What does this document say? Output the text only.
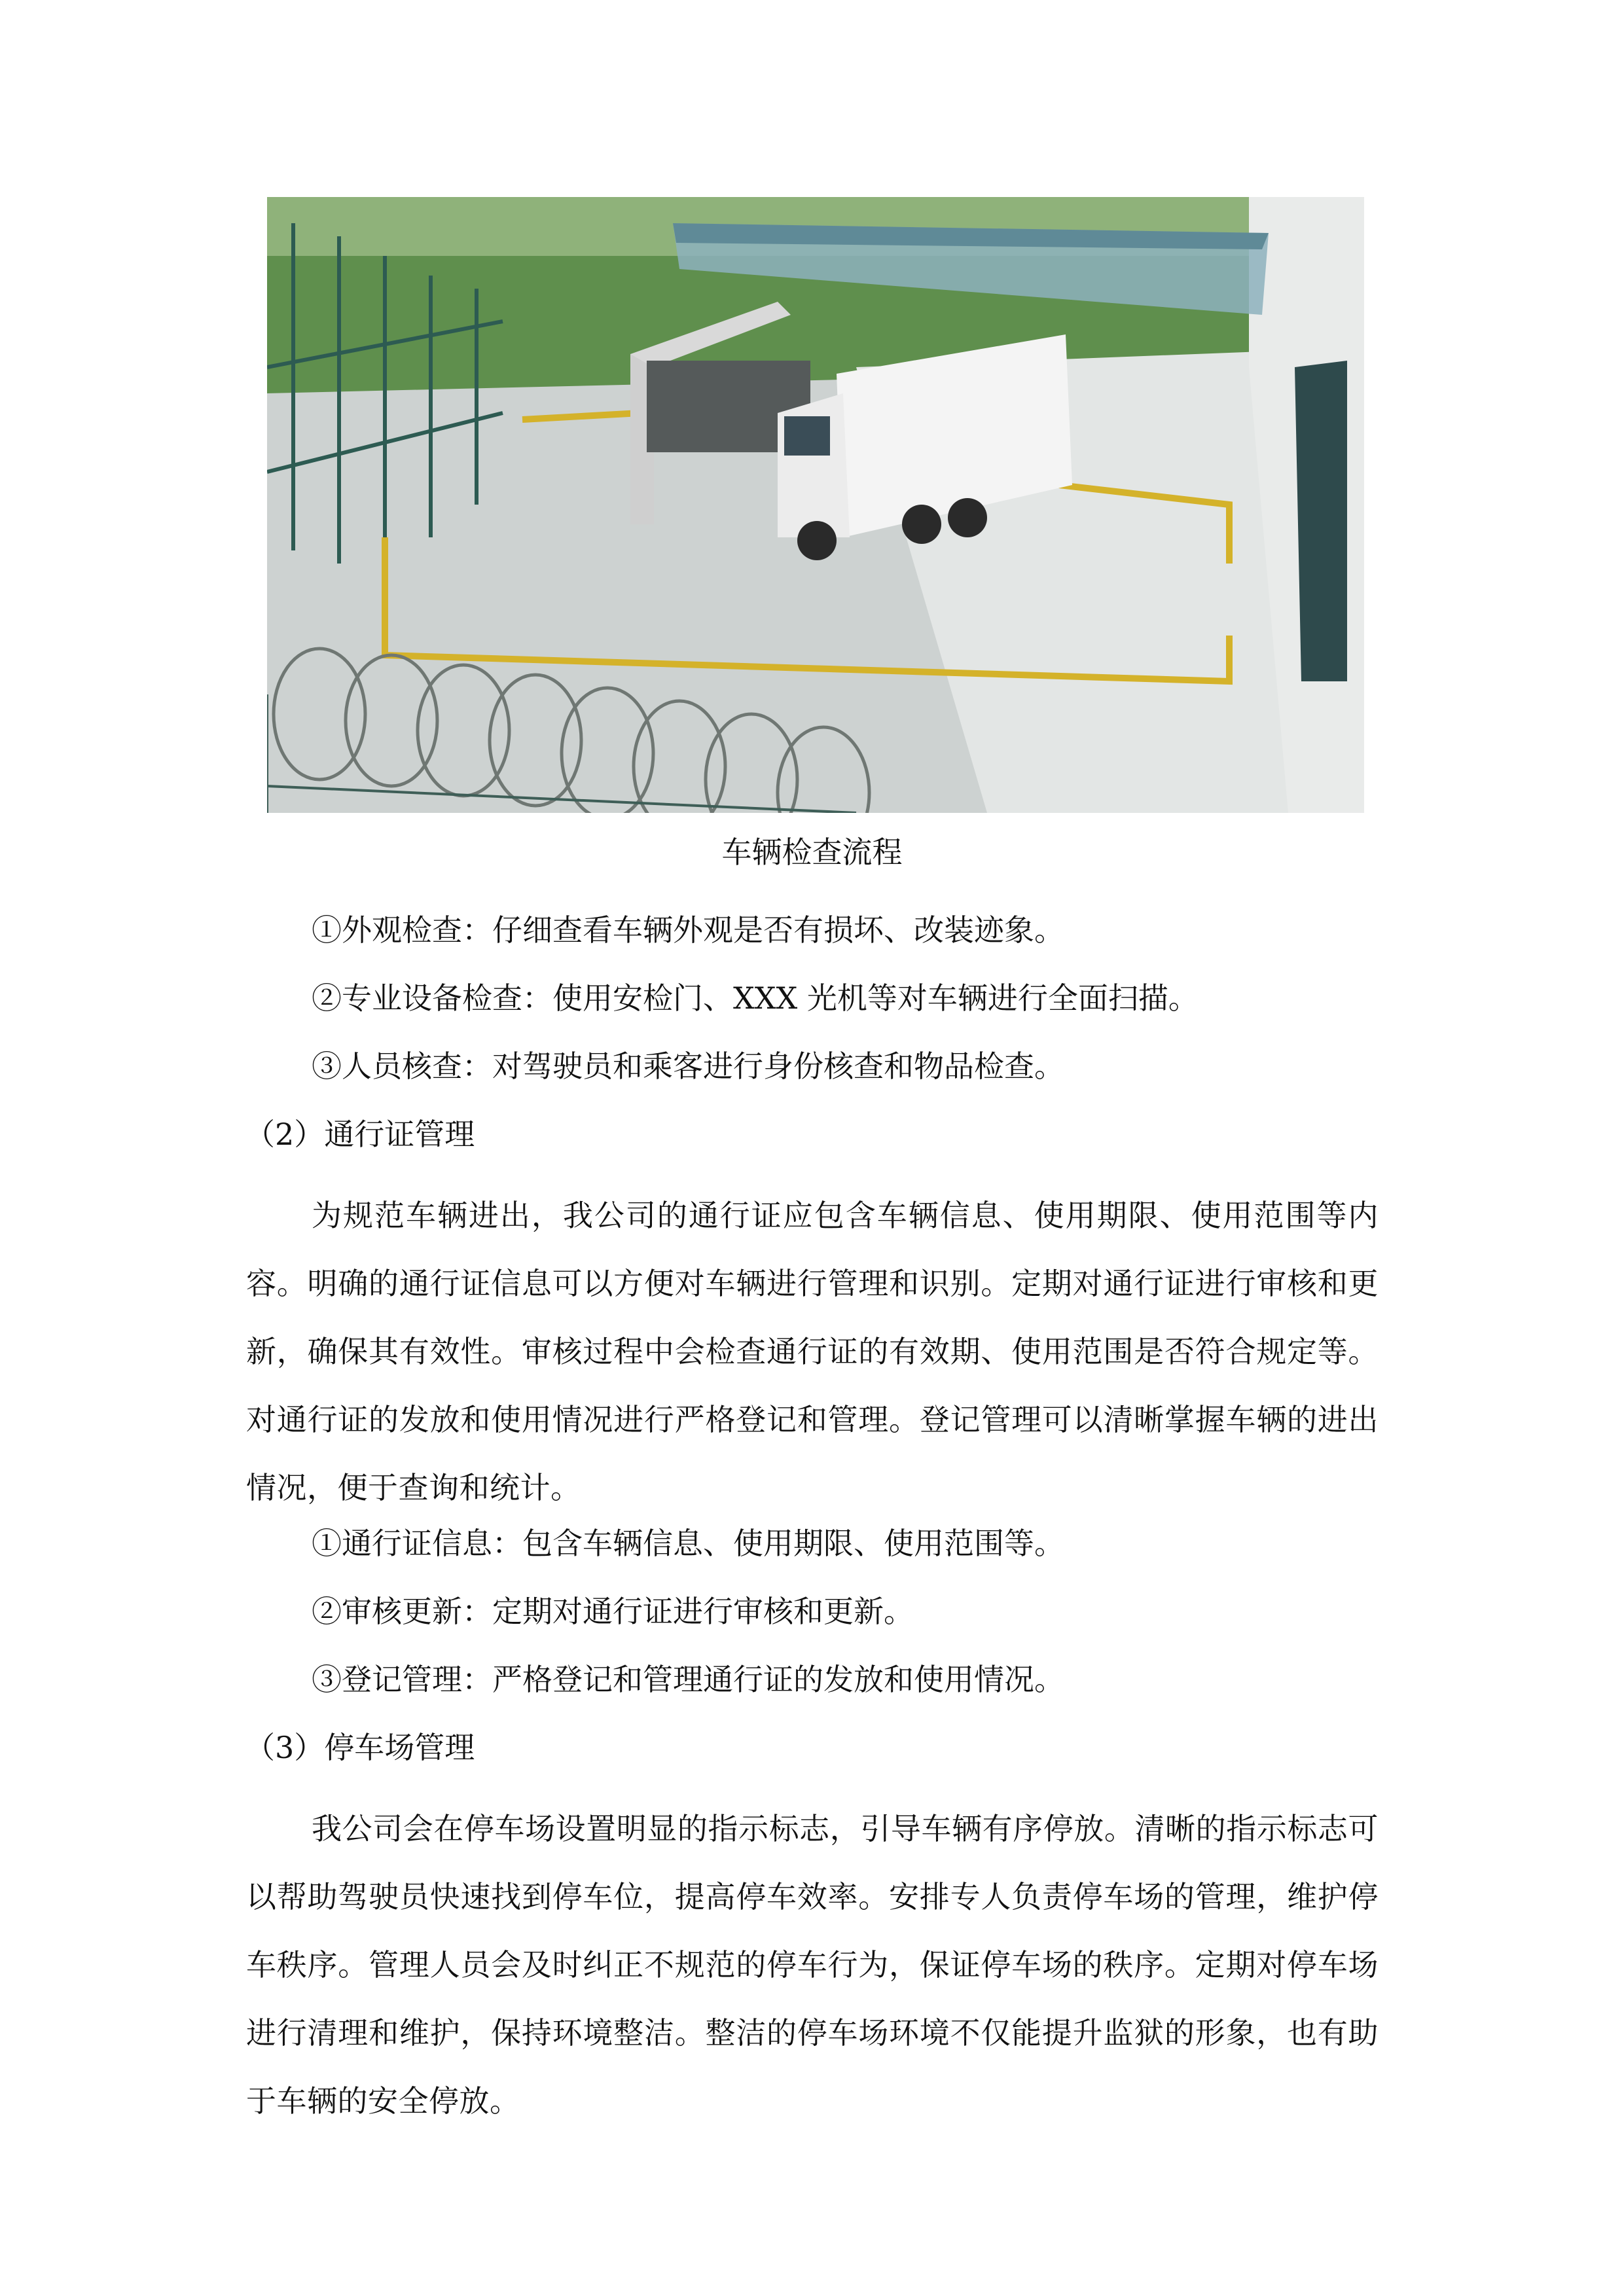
车辆检查流程
①外观检查：仔细查看车辆外观是否有损坏、改装迹象。
②专业设备检查：使用安检门、XXX 光机等对车辆进行全面扫描。
③人员核查：对驾驶员和乘客进行身份核查和物品检查。
（2）通行证管理
为规范车辆进出，我公司的通行证应包含车辆信息、使用期限、使用范围等内容。明确的通行证信息可以方便对车辆进行管理和识别。定期对通行证进行审核和更新，确保其有效性。审核过程中会检查通行证的有效期、使用范围是否符合规定等。对通行证的发放和使用情况进行严格登记和管理。登记管理可以清晰掌握车辆的进出情况，便于查询和统计。
①通行证信息：包含车辆信息、使用期限、使用范围等。
②审核更新：定期对通行证进行审核和更新。
③登记管理：严格登记和管理通行证的发放和使用情况。
（3）停车场管理
我公司会在停车场设置明显的指示标志，引导车辆有序停放。清晰的指示标志可以帮助驾驶员快速找到停车位，提高停车效率。安排专人负责停车场的管理，维护停车秩序。管理人员会及时纠正不规范的停车行为，保证停车场的秩序。定期对停车场进行清理和维护，保持环境整洁。整洁的停车场环境不仅能提升监狱的形象，也有助于车辆的安全停放。
